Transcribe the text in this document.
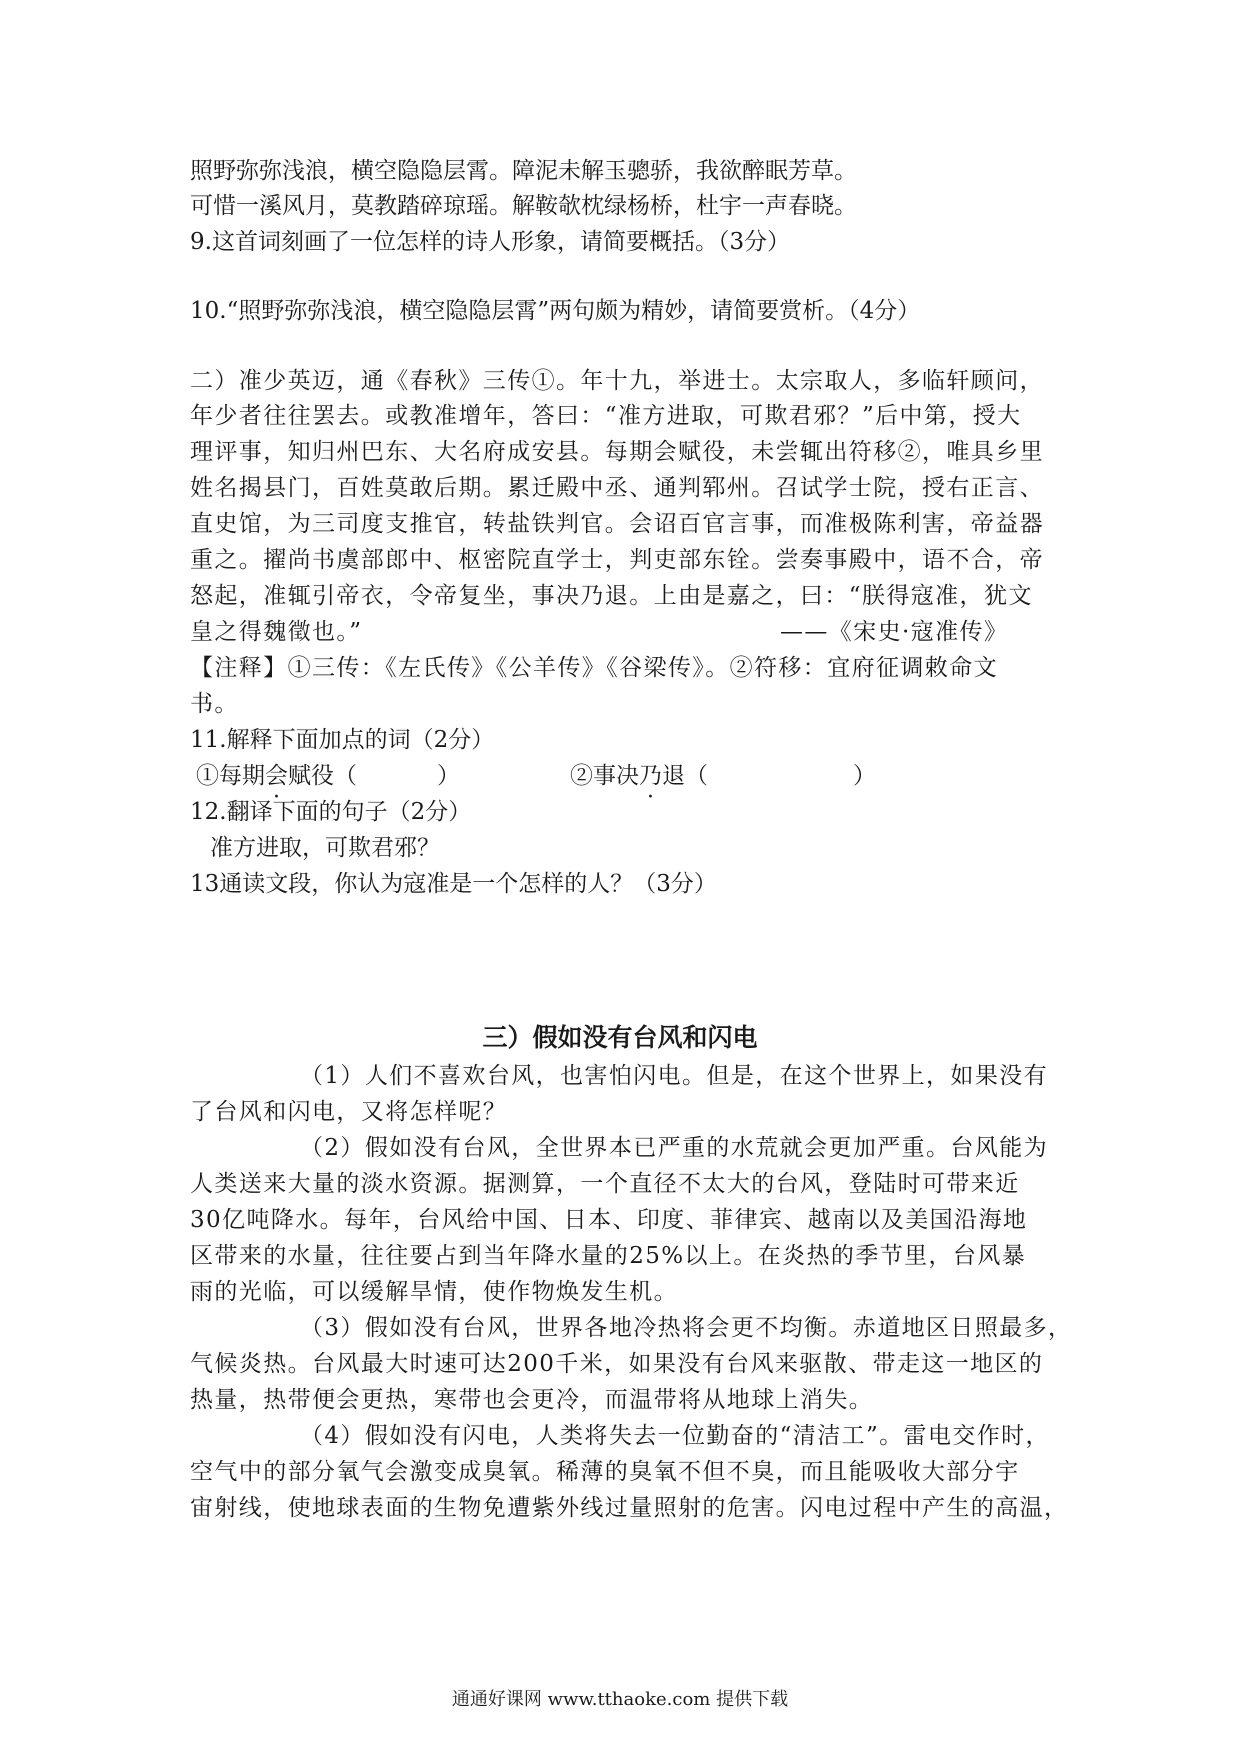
照野弥弥浅浪，横空隐隐层霄。障泥未解玉骢骄，我欲醉眠芳草。
可惜一溪风月，莫教踏碎琼瑶。解鞍欹枕绿杨桥，杜宇一声春晓。
9.这首词刻画了一位怎样的诗人形象，请简要概括。（3分）
10.“照野弥弥浅浪，横空隐隐层霄”两句颇为精妙，请简要赏析。（4分）
二）准少英迈，通《春秋》三传①。年十九，举进士。太宗取人，多临轩顾问，
年少者往往罢去。或教准增年，答曰：“准方进取，可欺君邪？”后中第，授大
理评事，知归州巴东、大名府成安县。每期会赋役，未尝辄出符移②，唯具乡里
姓名揭县门，百姓莫敢后期。累迁殿中丞、通判郓州。召试学士院，授右正言、
直史馆，为三司度支推官，转盐铁判官。会诏百官言事，而准极陈利害，帝益器
重之。擢尚书虞部郎中、枢密院直学士，判吏部东铨。尝奏事殿中，语不合，帝
怒起，准辄引帝衣，令帝复坐，事决乃退。上由是嘉之，曰：“朕得寇准，犹文
皇之得魏徵也。”	——《宋史·寇准传》
【注释】①三传：《左氏传》《公羊传》《谷梁传》。②符移：宜府征调敕命文
书。
11.解释下面加点的词（2分）
①每期会赋役（	）	②事决乃退（	）
12.翻译下面的句子（2分）
准方进取，可欺君邪？
13通读文段，你认为寇准是一个怎样的人？（3分）
三）假如没有台风和闪电
（1）人们不喜欢台风，也害怕闪电。但是，在这个世界上，如果没有
了台风和闪电，又将怎样呢？
（2）假如没有台风，全世界本已严重的水荒就会更加严重。台风能为
人类送来大量的淡水资源。据测算，一个直径不太大的台风，登陆时可带来近
30亿吨降水。每年，台风给中国、日本、印度、菲律宾、越南以及美国沿海地
区带来的水量，往往要占到当年降水量的25%以上。在炎热的季节里，台风暴
雨的光临，可以缓解旱情，使作物焕发生机。
（3）假如没有台风，世界各地冷热将会更不均衡。赤道地区日照最多，
气候炎热。台风最大时速可达200千米，如果没有台风来驱散、带走这一地区的
热量，热带便会更热，寒带也会更冷，而温带将从地球上消失。
（4）假如没有闪电，人类将失去一位勤奋的“清洁工”。雷电交作时，
空气中的部分氧气会激变成臭氧。稀薄的臭氧不但不臭，而且能吸收大部分宇
宙射线，使地球表面的生物免遭紫外线过量照射的危害。闪电过程中产生的高温，
通通好课网 www.tthaoke.com 提供下载
